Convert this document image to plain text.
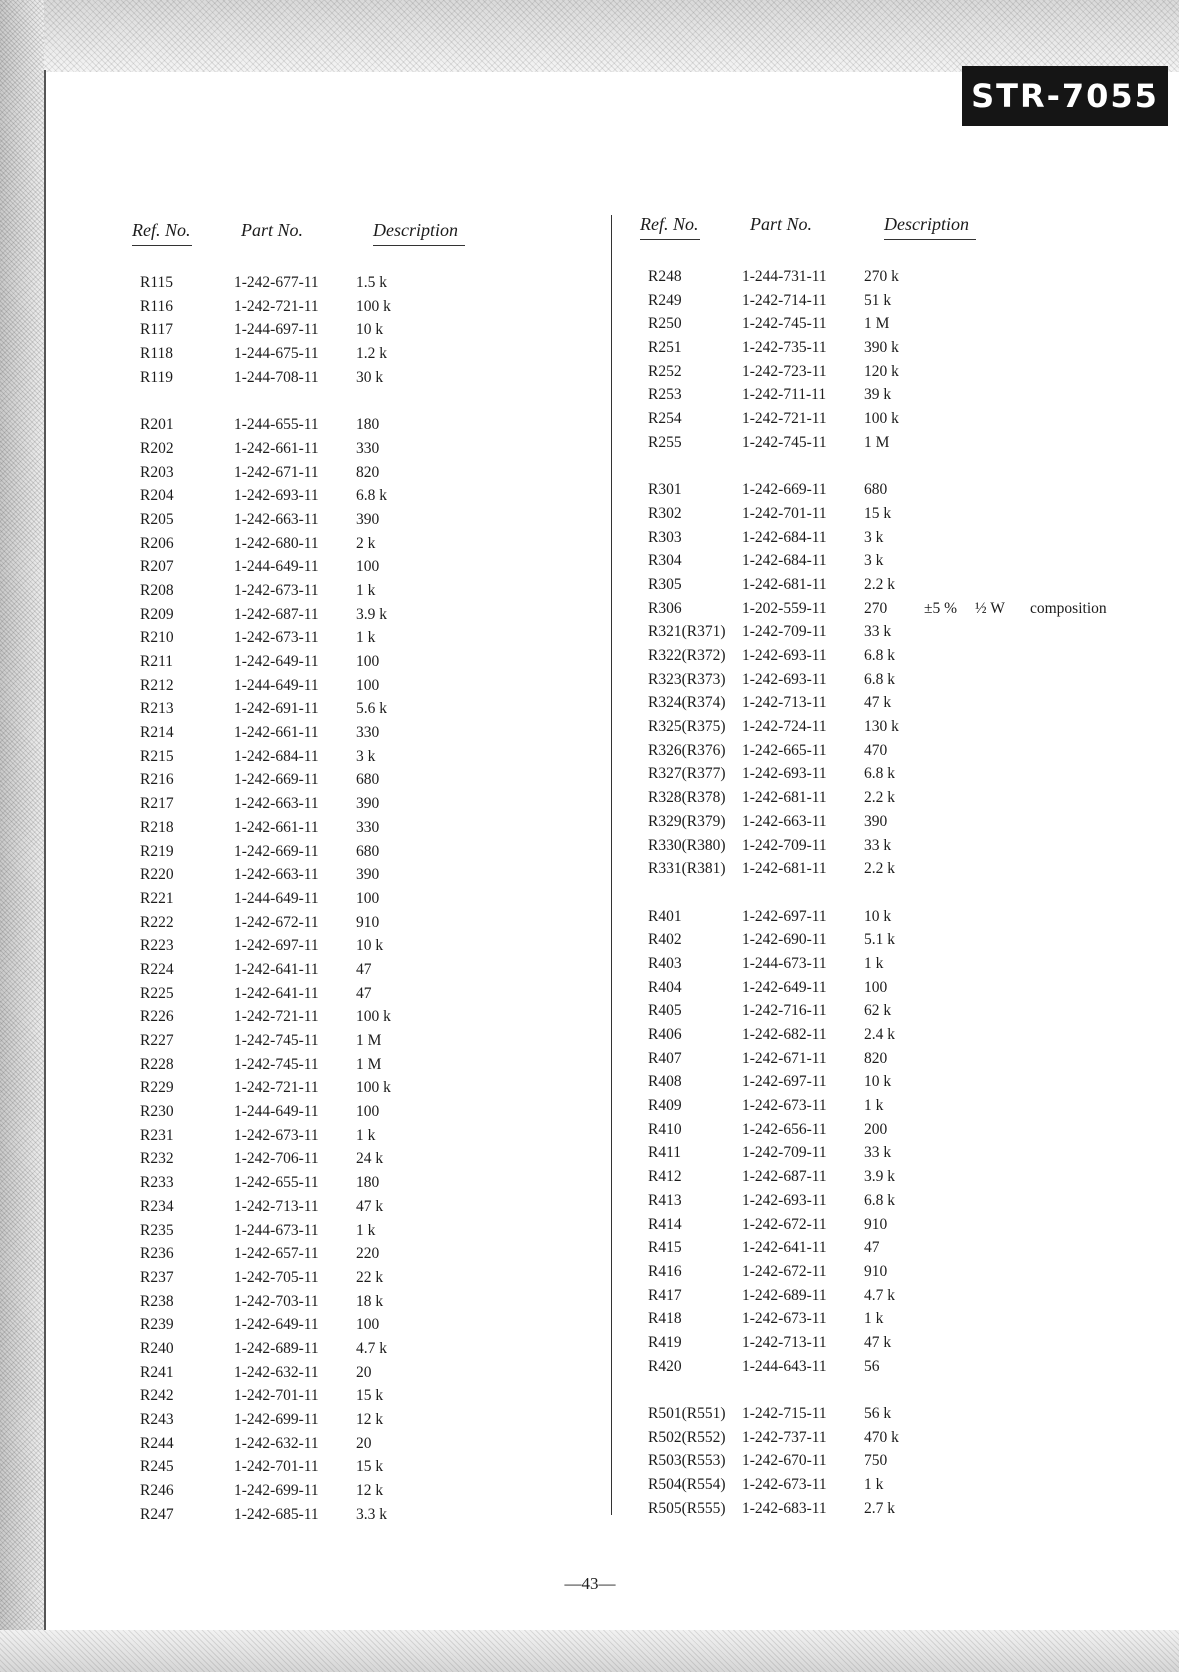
STR-7055
Ref. No.	Part No.	Description
R115	1-242-677-11 1.5 k
R116	1-242-721-11 100 k
R117	1-244-697-11 10 k
R118	1-244-675-11 1.2 k
R119	1-244-708-11 30 k
R201	1-244-655-11 180
R202	1-242-661-11 330
R203	1-242-671-11 820
R204	1-242-693-11 6.8 k
R205	1-242-663-11 390
R206	1-242-680-11 2 k
R207	1-244-649-11 100
R208	1-242-673-11 1 k
R209	1-242-687-11 3.9 k
R210	1-242-673-11 1 k
R211	1-242-649-11 100
R212	1-244-649-11 100
R213	1-242-691-11 5.6 k
R214	1-242-661-11 330
R215	1-242-684-11 3 k
R216	1-242-669-11 680
R217	1-242-663-11 390
R218	1-242-661-11 330
R219	1-242-669-11 680
R220	1-242-663-11 390
R221	1-244-649-11 100
R222	1-242-672-11 910
R223	1-242-697-11 10 k
R224	1-242-641-11 47
R225	1-242-641-11 47
R226	1-242-721-11 100 k
R227	1-242-745-11 1 M
R228	1-242-745-11 1 M
R229	1-242-721-11 100 k
R230	1-244-649-11 100
R231	1-242-673-11 1 k
R232	1-242-706-11 24 k
R233	1-242-655-11 180
R234	1-242-713-11 47 k
R235	1-244-673-11 1 k
R236	1-242-657-11 220
R237	1-242-705-11 22 k
R238	1-242-703-11 18 k
R239	1-242-649-11 100
R240	1-242-689-11 4.7 k
R241	1-242-632-11 20
R242	1-242-701-11 15 k
R243	1-242-699-11 12 k
R244	1-242-632-11 20
R245	1-242-701-11 15 k
R246	1-242-699-11 12 k
R247	1-242-685-11 3.3 k
Ref. No.	Part No.	Description
R248	1-244-731-11 270 k
R249	1-242-714-11 51 k
R250	1-242-745-11 1 M
R251	1-242-735-11 390 k
R252	1-242-723-11 120 k
R253	1-242-711-11 39 k
R254	1-242-721-11 100 k
R255	1-242-745-11 1 M
R301	1-242-669-11 680
R302	1-242-701-11 15 k
R303	1-242-684-11 3 k
R304	1-242-684-11 3 k
R305	1-242-681-11 2.2 k
R306	1-202-559-11 270 ±5 % ½ W composition
R321(R371) 1-242-709-11 33 k
R322(R372) 1-242-693-11 6.8 k
R323(R373) 1-242-693-11 6.8 k
R324(R374) 1-242-713-11 47 k
R325(R375) 1-242-724-11 130 k
R326(R376) 1-242-665-11 470
R327(R377) 1-242-693-11 6.8 k
R328(R378) 1-242-681-11 2.2 k
R329(R379) 1-242-663-11 390
R330(R380) 1-242-709-11 33 k
R331(R381) 1-242-681-11 2.2 k
R401	1-242-697-11 10 k
R402	1-242-690-11 5.1 k
R403	1-244-673-11 1 k
R404	1-242-649-11 100
R405	1-242-716-11 62 k
R406	1-242-682-11 2.4 k
R407	1-242-671-11 820
R408	1-242-697-11 10 k
R409	1-242-673-11 1 k
R410	1-242-656-11 200
R411	1-242-709-11 33 k
R412	1-242-687-11 3.9 k
R413	1-242-693-11 6.8 k
R414	1-242-672-11 910
R415	1-242-641-11 47
R416	1-242-672-11 910
R417	1-242-689-11 4.7 k
R418	1-242-673-11 1 k
R419	1-242-713-11 47 k
R420	1-244-643-11 56
R501(R551) 1-242-715-11 56 k
R502(R552) 1-242-737-11 470 k
R503(R553) 1-242-670-11 750
R504(R554) 1-242-673-11 1 k
R505(R555) 1-242-683-11 2.7 k
—43—
